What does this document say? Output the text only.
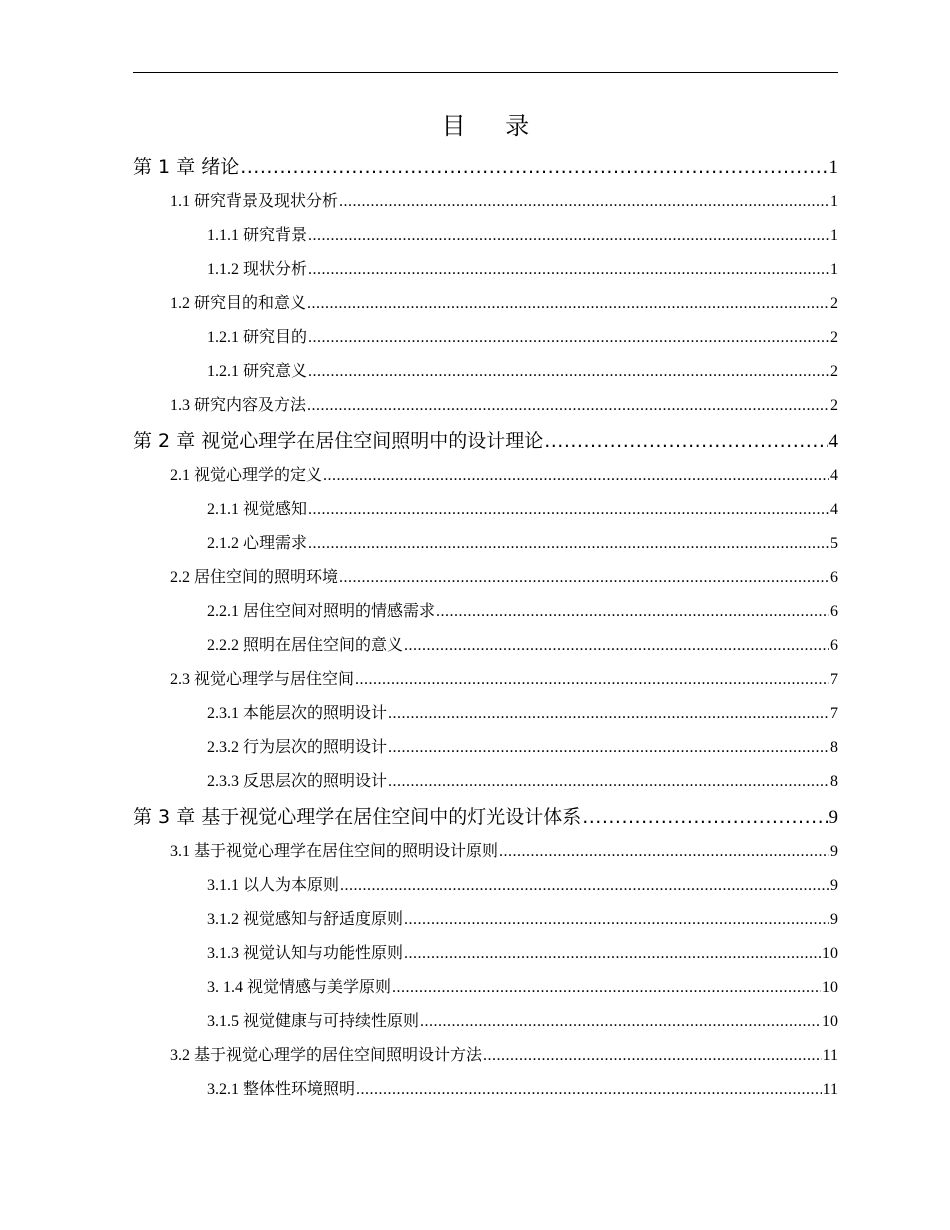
目 录
第 1 章 绪论 .....	1
1.1 研究背景及现状分析 .....	1
1.1.1 研究背景 .....	1
1.1.2 现状分析 .....	1
1.2 研究目的和意义 .....	2
1.2.1 研究目的 .....	2
1.2.1 研究意义 .....	2
1.3 研究内容及方法 .....	2
第 2 章 视觉心理学在居住空间照明中的设计理论 .....	4
2.1 视觉心理学的定义 .....	4
2.1.1 视觉感知 .....	4
2.1.2 心理需求 .....	5
2.2 居住空间的照明环境 .....	6
2.2.1 居住空间对照明的情感需求 .....	6
2.2.2 照明在居住空间的意义 .....	6
2.3 视觉心理学与居住空间 .....	7
2.3.1 本能层次的照明设计 .....	7
2.3.2 行为层次的照明设计 .....	8
2.3.3 反思层次的照明设计 .....	8
第 3 章 基于视觉心理学在居住空间中的灯光设计体系 .....	9
3.1 基于视觉心理学在居住空间的照明设计原则 .....	9
3.1.1 以人为本原则 .....	9
3.1.2 视觉感知与舒适度原则 .....	9
3.1.3 视觉认知与功能性原则 .....	10
3. 1.4 视觉情感与美学原则 .....	10
3.1.5 视觉健康与可持续性原则 .....	10
3.2 基于视觉心理学的居住空间照明设计方法 .....	11
3.2.1 整体性环境照明 .....	11
